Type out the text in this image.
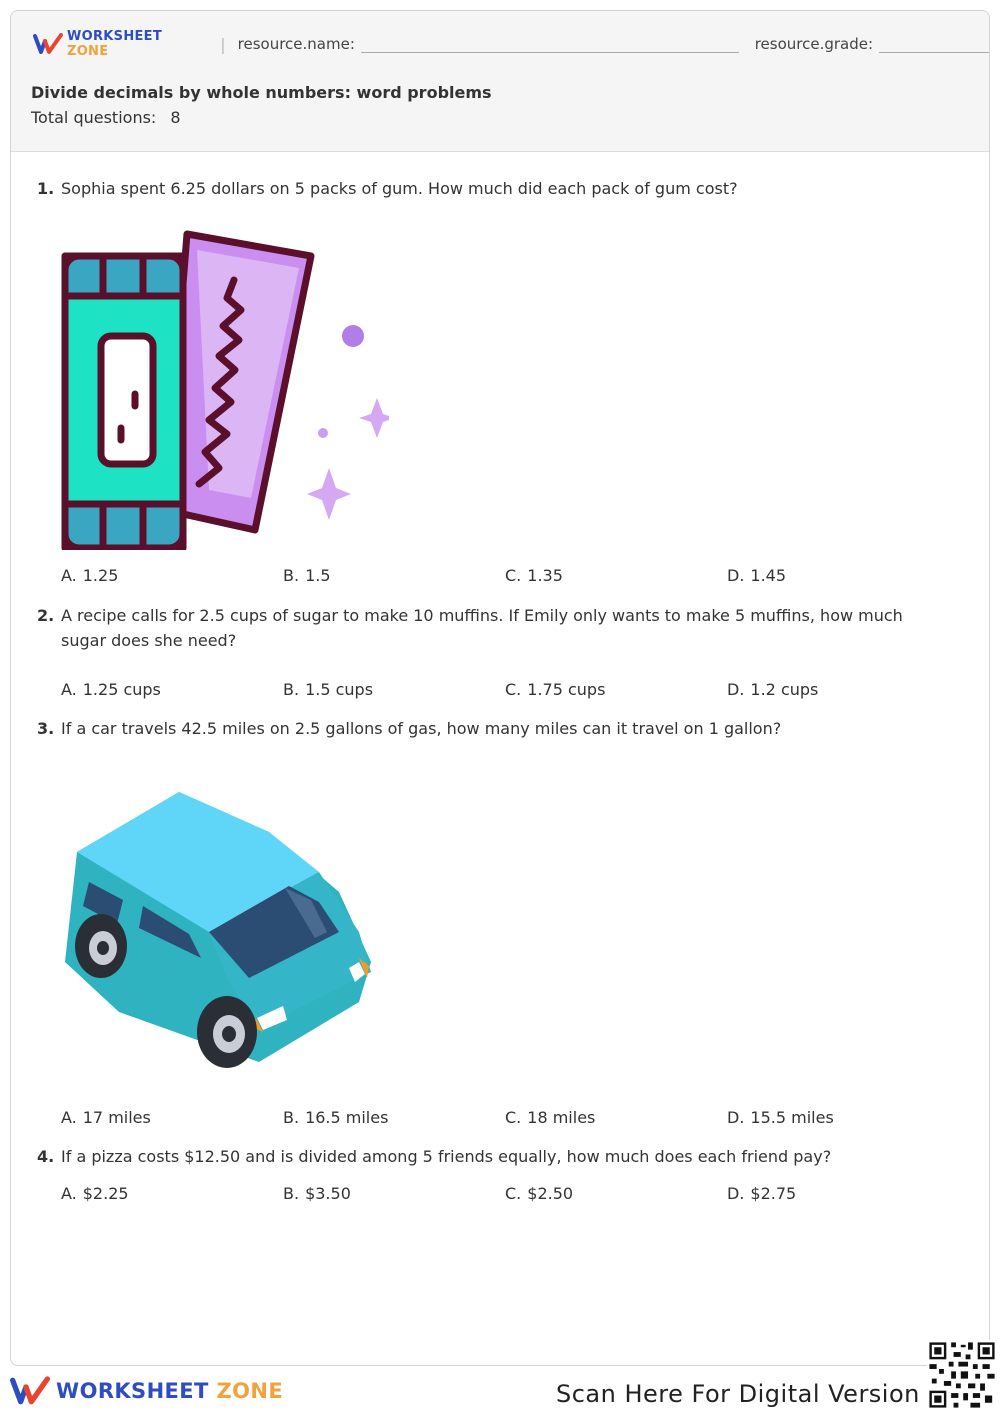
WORKSHEET ZONE	| resource.name:	resource.grade:
Divide decimals by whole numbers: word problems
Total questions: 8
1. Sophia spent 6.25 dollars on 5 packs of gum. How much did each pack of gum cost?
A. 1.25	B. 1.5	C. 1.35	D. 1.45
2. A recipe calls for 2.5 cups of sugar to make 10 muffins. If Emily only wants to make 5 muffins, how much sugar does she need?
A. 1.25 cups	B. 1.5 cups	C. 1.75 cups	D. 1.2 cups
3. If a car travels 42.5 miles on 2.5 gallons of gas, how many miles can it travel on 1 gallon?
A. 17 miles	B. 16.5 miles	C. 18 miles	D. 15.5 miles
4. If a pizza costs $12.50 and is divided among 5 friends equally, how much does each friend pay?
A. $2.25	B. $3.50	C. $2.50	D. $2.75
WORKSHEET ZONE	Scan Here For Digital Version
